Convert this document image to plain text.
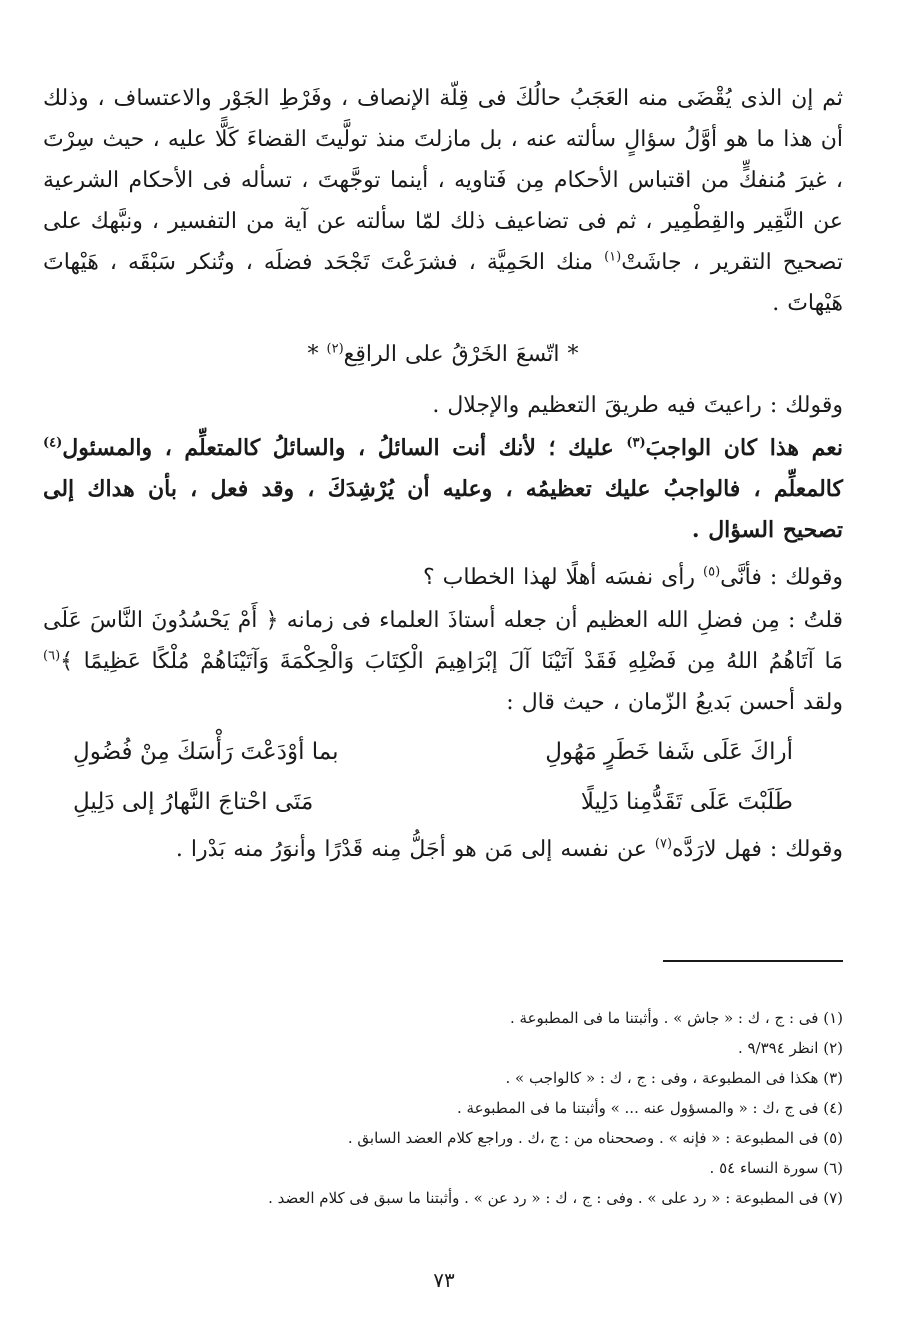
ثم إن الذى يُقْضَى منه العَجَبُ حالُكَ فى قِلّة الإنصاف ، وفَرْطِ الجَوْر والاعتساف ، وذلك أن هذا ما هو أوَّلُ سؤالٍ سألته عنه ، بل مازلتَ منذ تولَّيتَ القضاءَ كَلًّا عليه ، حيث سِرْتَ ، غيرَ مُنفكٍّ من اقتباس الأحكام مِن فَتاويه ، أينما توجَّهتَ ، تسأله فى الأحكام الشرعية عن النَّقِير والقِطْمِير ، ثم فى تضاعيف ذلك لمّا سألته عن آية من التفسير ، ونبَّهك على تصحيح التقرير ، جاشَتْ$^{(١)}$ منك الحَمِيَّة ، فشرَعْتَ تَجْحَد فضلَه ، وتُنكر سَبْقَه ، هَيْهاتَ هَيْهاتَ .

* اتّسعَ الخَرْقُ على الراقِع$^{(٢)}$ *

وقولك : راعيتَ فيه طريقَ التعظيم والإجلال .

نعم هذا كان الواجبَ$^{(٣)}$ عليك ؛ لأنك أنت السائلُ ، والسائلُ كالمتعلِّم ، والمسئول$^{(٤)}$ كالمعلِّم ، فالواجبُ عليك تعظيمُه ، وعليه أن يُرْشِدَكَ ، وقد فعل ، بأن هداك إلى تصحيح السؤال .

وقولك : فأنَّى$^{(٥)}$ رأى نفسَه أهلًا لهذا الخطاب ؟

قلتُ : مِن فضلِ الله العظيم أن جعله أستاذَ العلماء فى زمانه ﴿ أَمْ يَحْسُدُونَ النَّاسَ عَلَى مَا آتَاهُمُ اللهُ مِن فَضْلِهِ فَقَدْ آتَيْنَا آلَ إبْرَاهِيمَ الْكِتَابَ وَالْحِكْمَةَ وَآتَيْنَاهُمْ مُلْكًا عَظِيمًا ﴾$^{(٦)}$ ولقد أحسن بَديعُ الزّمان ، حيث قال :

أراكَ عَلَى شَفا خَطَرٍ مَهُولِ
بما أوْدَعْتَ رَأْسَكَ مِنْ فُضُولِ
طَلَبْتَ عَلَى تَقَدُّمِنا دَلِيلًا
مَتَى احْتاجَ النَّهارُ إلى دَلِيلِ

وقولك : فهل لارَدَّه$^{(٧)}$ عن نفسه إلى مَن هو أجَلُّ مِنه قَدْرًا وأنوَرُ منه بَدْرا .

(١) فى : ج ، ك : « جاش » . وأثبتنا ما فى المطبوعة .

(٢) انظر ٩/٣٩٤ .

(٣) هكذا فى المطبوعة ، وفى : ج ، ك : « كالواجب » .

(٤) فى ج ،ك : « والمسؤول عنه ... » وأثبتنا ما فى المطبوعة .

(٥) فى المطبوعة : « فإنه » . وصححناه من : ج ،ك . وراجع كلام العضد السابق .

(٦) سورة النساء ٥٤ .

(٧) فى المطبوعة : « رد على » . وفى : ج ، ك : « رد عن » . وأثبتنا ما سبق فى كلام العضد .

٧٣
